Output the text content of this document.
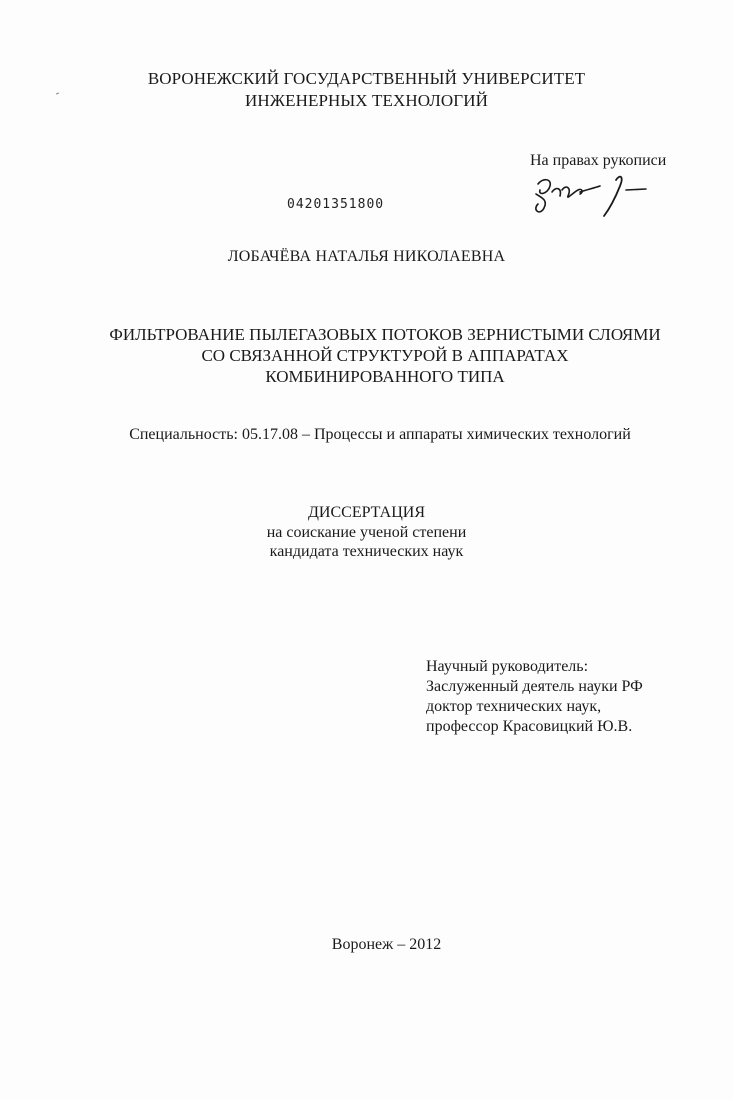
ВОРОНЕЖСКИЙ ГОСУДАРСТВЕННЫЙ УНИВЕРСИТЕТ
ИНЖЕНЕРНЫХ ТЕХНОЛОГИЙ
На правах рукописи
04201351800
ЛОБАЧЁВА НАТАЛЬЯ НИКОЛАЕВНА
ФИЛЬТРОВАНИЕ ПЫЛЕГАЗОВЫХ ПОТОКОВ ЗЕРНИСТЫМИ СЛОЯМИ
СО СВЯЗАННОЙ СТРУКТУРОЙ В АППАРАТАХ
КОМБИНИРОВАННОГО ТИПА
Специальность: 05.17.08 – Процессы и аппараты химических технологий
ДИССЕРТАЦИЯ
на соискание ученой степени
кандидата технических наук
Научный руководитель:
Заслуженный деятель науки РФ
доктор технических наук,
профессор Красовицкий Ю.В.
Воронеж – 2012
